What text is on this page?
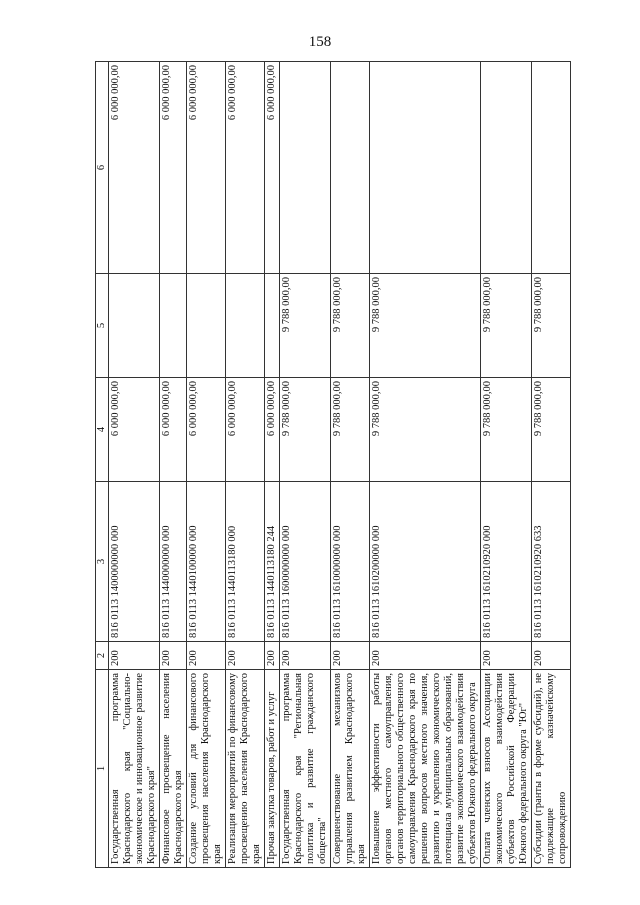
158
1	2	3	4	5	6
Государственная программа Краснодарского края "Социально-экономическое и инновационное развитие Краснодарского края"	200	816 0113 1400000000 000	6 000 000,00		6 000 000,00
Финансовое просвещение населения Краснодарского края	200	816 0113 1440000000 000	6 000 000,00		6 000 000,00
Создание условий для финансового просвещения населения Краснодарского края	200	816 0113 1440100000 000	6 000 000,00		6 000 000,00
Реализация мероприятий по финансовому просвещению населения Краснодарского края	200	816 0113 1440113180 000	6 000 000,00		6 000 000,00
Прочая закупка товаров, работ и услуг	200	816 0113 1440113180 244	6 000 000,00		6 000 000,00
Государственная программа Краснодарского края "Региональная политика и развитие гражданского общества"	200	816 0113 1600000000 000	9 788 000,00	9 788 000,00	
Совершенствование механизмов управления развитием Краснодарского края	200	816 0113 1610000000 000	9 788 000,00	9 788 000,00	
Повышение эффективности работы органов местного самоуправления, органов территориального общественного самоуправления Краснодарского края по решению вопросов местного значения, развитию и укреплению экономического потенциала муниципальных образований, развитие экономического взаимодействия субъектов Южного федерального округа	200	816 0113 1610200000 000	9 788 000,00	9 788 000,00	
Оплата членских взносов Ассоциации экономического взаимодействия субъектов Российской Федерации Южного федерального округа "Юг"	200	816 0113 1610210920 000	9 788 000,00	9 788 000,00	
Субсидии (гранты в форме субсидий), не подлежащие казначейскому сопровождению	200	816 0113 1610210920 633	9 788 000,00	9 788 000,00	
